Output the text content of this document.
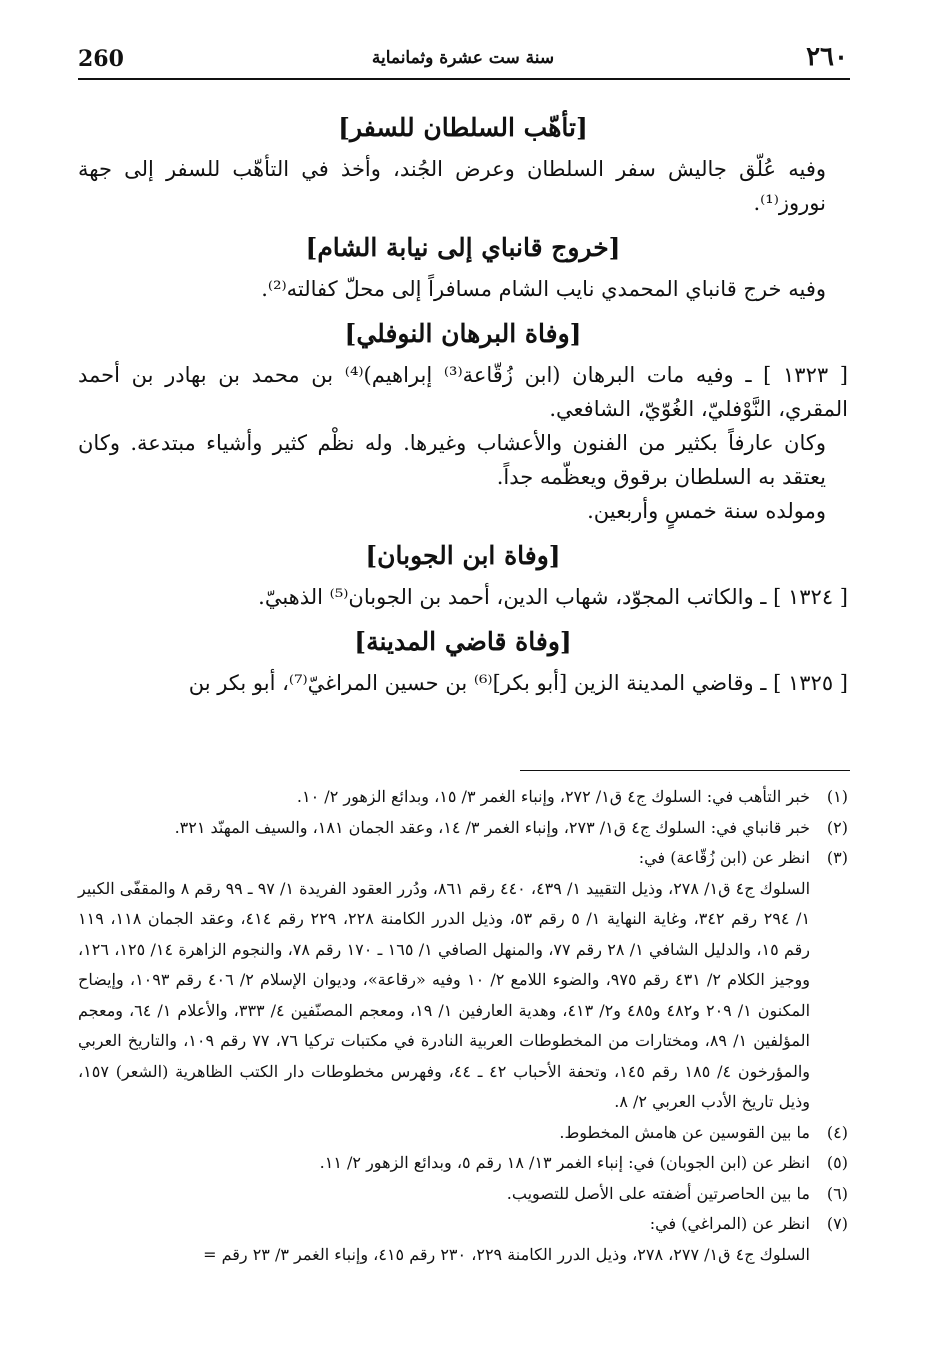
260	سنة ست عشرة وثمانماية	٢٦٠
[تأهّب السلطان للسفر]

وفيه عُلّق جاليش سفر السلطان وعرض الجُند، وأخذ في التأهّب للسفر إلى جهة نوروز⁽¹⁾.

[خروج قانباي إلى نيابة الشام]

وفيه خرج قانباي المحمدي نايب الشام مسافراً إلى محلّ كفالته⁽²⁾.

[وفاة البرهان النوفلي]

[ ١٣٢٣ ] ـ وفيه مات البرهان (ابن زُقّاعة⁽³⁾ إبراهيم)⁽⁴⁾ بن محمد بن بهادر بن أحمد المقري، النَّوْفليّ، الغُوّيّ، الشافعي.

وكان عارفاً بكثير من الفنون والأعشاب وغيرها. وله نظْم كثير وأشياء مبتدعة. وكان يعتقد به السلطان برقوق ويعظّمه جداً.

ومولده سنة خمسٍ وأربعين.

[وفاة ابن الجوبان]

[ ١٣٢٤ ] ـ والكاتب المجوّد، شهاب الدين، أحمد بن الجوبان⁽⁵⁾ الذهبيّ.

[وفاة قاضي المدينة]

[ ١٣٢٥ ] ـ وقاضي المدينة الزين [أبو بكر]⁽⁶⁾ بن حسين المراغيّ⁽⁷⁾، أبو بكر بن

(١)
خبر التأهب في: السلوك ج٤ ق١/ ٢٧٢، وإنباء الغمر ٣/ ١٥، وبدائع الزهور ٢/ ١٠.
(٢)
خبر قانباي في: السلوك ج٤ ق١/ ٢٧٣، وإنباء الغمر ٣/ ١٤، وعقد الجمان ١٨١، والسيف المهنّد ٣٢١.
(٣)
انظر عن (ابن زُقّاعة) في:
السلوك ج٤ ق١/ ٢٧٨، وذيل التقييد ١/ ٤٣٩، ٤٤٠ رقم ٨٦١، ودُرر العقود الفريدة ١/ ٩٧ ـ ٩٩ رقم ٨ والمقفّى الكبير ١/ ٢٩٤ رقم ٣٤٢، وغاية النهاية ١/ ٥ رقم ٥٣، وذيل الدرر الكامنة ٢٢٨، ٢٢٩ رقم ٤١٤، وعقد الجمان ١١٨، ١١٩ رقم ١٥، والدليل الشافي ١/ ٢٨ رقم ٧٧، والمنهل الصافي ١/ ١٦٥ ـ ١٧٠ رقم ٧٨، والنجوم الزاهرة ١٤/ ١٢٥، ١٢٦، ووجيز الكلام ٢/ ٤٣١ رقم ٩٧٥، والضوء اللامع ٢/ ١٠ وفيه «رقاعة»، وديوان الإسلام ٢/ ٤٠٦ رقم ١٠٩٣، وإيضاح المكنون ١/ ٢٠٩ و٤٨٢ و٤٨٥ و٢/ ٤١٣، وهدية العارفين ١/ ١٩، ومعجم المصنّفين ٤/ ٣٣٣، والأعلام ١/ ٦٤، ومعجم المؤلفين ١/ ٨٩، ومختارات من المخطوطات العربية النادرة في مكتبات تركيا ٧٦، ٧٧ رقم ١٠٩، والتاريخ العربي والمؤرخون ٤/ ١٨٥ رقم ١٤٥، وتحفة الأحباب ٤٢ ـ ٤٤، وفهرس مخطوطات دار الكتب الظاهرية (الشعر) ١٥٧، وذيل تاريخ الأدب العربي ٢/ ٨.
(٤)
ما بين القوسين عن هامش المخطوط.
(٥)
انظر عن (ابن الجوبان) في: إنباء الغمر ١٣/ ١٨ رقم ٥، وبدائع الزهور ٢/ ١١.
(٦)
ما بين الحاصرتين أضفته على الأصل للتصويب.
(٧)
انظر عن (المراغي) في:
السلوك ج٤ ق١/ ٢٧٧، ٢٧٨، وذيل الدرر الكامنة ٢٢٩، ٢٣٠ رقم ٤١٥، وإنباء الغمر ٣/ ٢٣ رقم =
